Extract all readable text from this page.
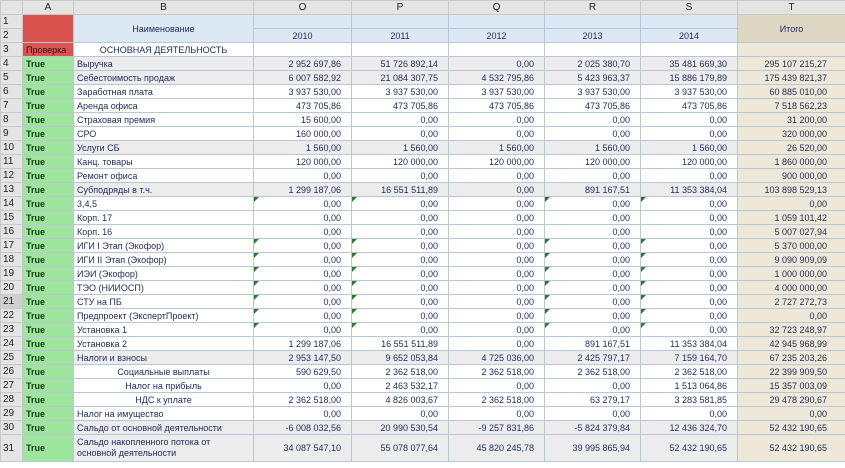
	A	B	O	P	Q	R	S	T
1		Наименование						Итого
2			2010	2011	2012	2013	2014	
3	Проверка	ОСНОВНАЯ ДЕЯТЕЛЬНОСТЬ						
4	True	Выручка	2 952 697,86	51 726 892,14	0,00	2 025 380,70	35 481 669,30	295 107 215,27
5	True	Себестоимость продаж	6 007 582,92	21 084 307,75	4 532 795,86	5 423 963,37	15 886 179,89	175 439 821,37
6	True	Заработная плата	3 937 530,00	3 937 530,00	3 937 530,00	3 937 530,00	3 937 530,00	60 885 010,00
7	True	Аренда офиса	473 705,86	473 705,86	473 705,86	473 705,86	473 705,86	7 518 562,23
8	True	Страховая премия	15 600,00	0,00	0,00	0,00	0,00	31 200,00
9	True	СРО	160 000,00	0,00	0,00	0,00	0,00	320 000,00
10	True	Услуги СБ	1 560,00	1 560,00	1 560,00	1 560,00	1 560,00	26 520,00
11	True	Канц. товары	120 000,00	120 000,00	120 000,00	120 000,00	120 000,00	1 860 000,00
12	True	Ремонт офиса	0,00	0,00	0,00	0,00	0,00	900 000,00
13	True	Субподряды в т.ч.	1 299 187,06	16 551 511,89	0,00	891 167,51	11 353 384,04	103 898 529,13
14	True	3,4,5	0,00	0,00	0,00	0,00	0,00	0,00
15	True	Корп. 17	0,00	0,00	0,00	0,00	0,00	1 059 101,42
16	True	Корп. 16	0,00	0,00	0,00	0,00	0,00	5 007 027,94
17	True	ИГИ I Этап (Экофор)	0,00	0,00	0,00	0,00	0,00	5 370 000,00
18	True	ИГИ II Этап (Экофор)	0,00	0,00	0,00	0,00	0,00	9 090 909,09
19	True	ИЭИ (Экофор)	0,00	0,00	0,00	0,00	0,00	1 000 000,00
20	True	ТЭО (НИИОСП)	0,00	0,00	0,00	0,00	0,00	4 000 000,00
21	True	СТУ на ПБ	0,00	0,00	0,00	0,00	0,00	2 727 272,73
22	True	Предпроект (ЭкспертПроект)	0,00	0,00	0,00	0,00	0,00	0,00
23	True	Установка 1	0,00	0,00	0,00	0,00	0,00	32 723 248,97
24	True	Установка 2	1 299 187,06	16 551 511,89	0,00	891 167,51	11 353 384,04	42 945 968,99
25	True	Налоги и взносы	2 953 147,50	9 652 053,84	4 725 036,00	2 425 797,17	7 159 164,70	67 235 203,26
26	True	Социальные выплаты	590 629,50	2 362 518,00	2 362 518,00	2 362 518,00	2 362 518,00	22 399 909,50
27	True	Налог на прибыль	0,00	2 463 532,17	0,00	0,00	1 513 064,86	15 357 003,09
28	True	НДС к уплате	2 362 518,00	4 826 003,67	2 362 518,00	63 279,17	3 283 581,85	29 478 290,67
29	True	Налог на имущество	0,00	0,00	0,00	0,00	0,00	0,00
30	True	Сальдо от основной деятельности	-6 008 032,56	20 990 530,54	-9 257 831,86	-5 824 379,84	12 436 324,70	52 432 190,65
31	True	Сальдо накопленного потока от основной деятельности	34 087 547,10	55 078 077,64	45 820 245,78	39 995 865,94	52 432 190,65	52 432 190,65
